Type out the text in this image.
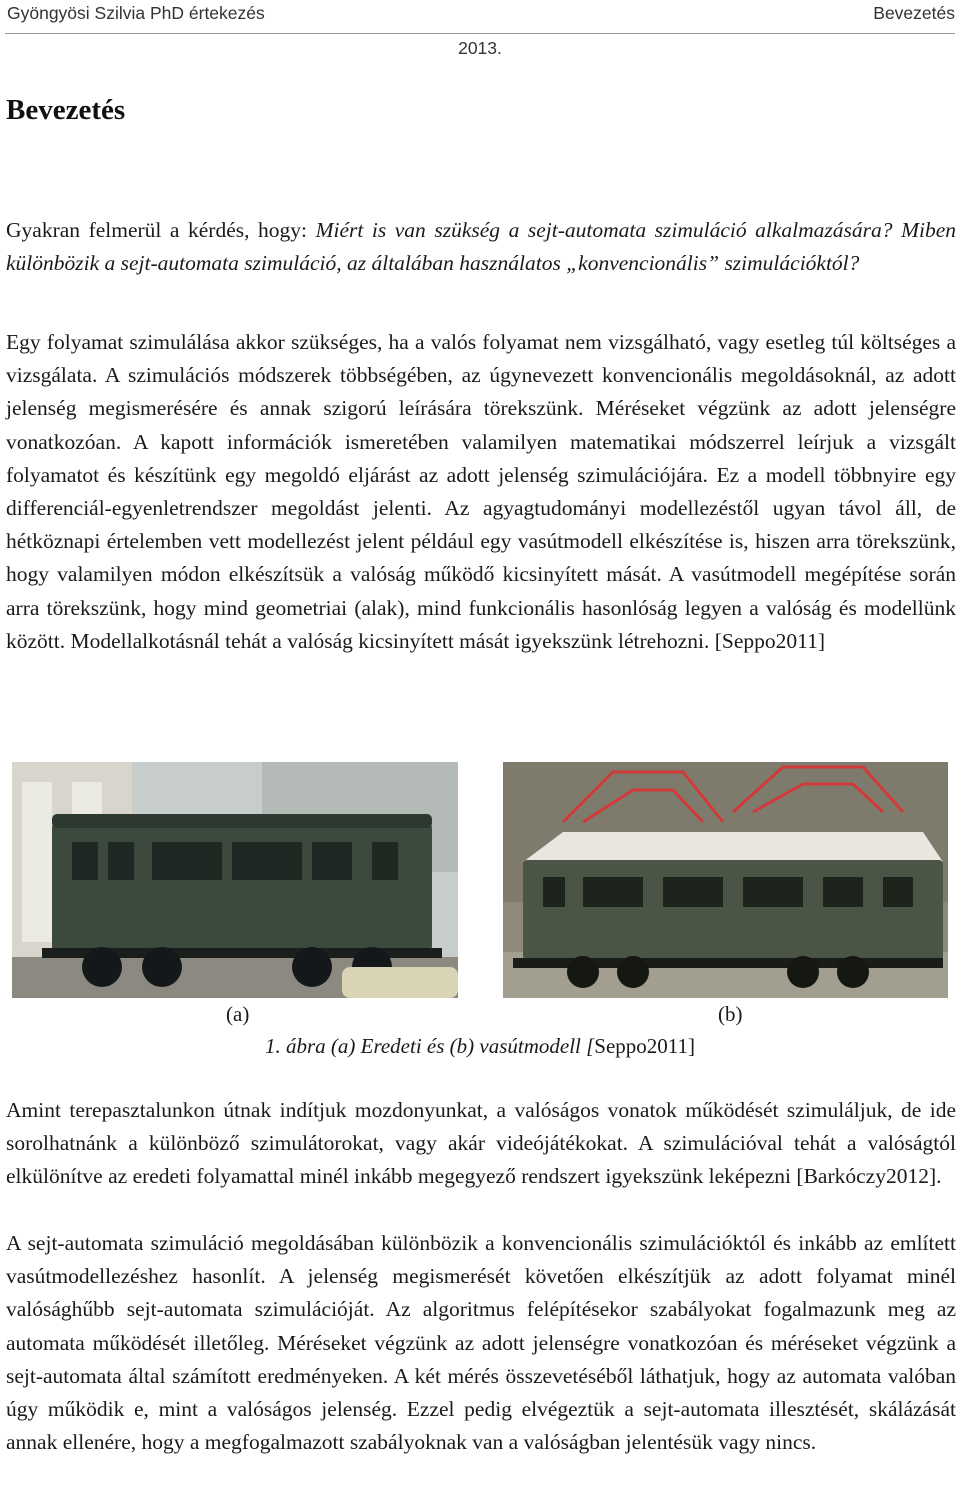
Gyöngyösi Szilvia PhD értekezés	Bevezetés
2013.
Bevezetés

Gyakran felmerül a kérdés, hogy: Miért is van szükség a sejt-automata szimuláció alkalmazására? Miben különbözik a sejt-automata szimuláció, az általában használatos „konvencionális” szimulációktól?

Egy folyamat szimulálása akkor szükséges, ha a valós folyamat nem vizsgálható, vagy esetleg túl költséges a vizsgálata. A szimulációs módszerek többségében, az úgynevezett konvencionális megoldásoknál, az adott jelenség megismerésére és annak szigorú leírására törekszünk. Méréseket végzünk az adott jelenségre vonatkozóan. A kapott információk ismeretében valamilyen matematikai módszerrel leírjuk a vizsgált folyamatot és készítünk egy megoldó eljárást az adott jelenség szimulációjára. Ez a modell többnyire egy differenciál-egyenletrendszer megoldást jelenti. Az agyagtudományi modellezéstől ugyan távol áll, de hétköznapi értelemben vett modellezést jelent például egy vasútmodell elkészítése is, hiszen arra törekszünk, hogy valamilyen módon elkészítsük a valóság működő kicsinyített mását. A vasútmodell megépítése során arra törekszünk, hogy mind geometriai (alak), mind funkcionális hasonlóság legyen a valóság és modellünk között. Modellalkotásnál tehát a valóság kicsinyített mását igyekszünk létrehozni. [Seppo2011]

(a)	(b)
1. ábra (a) Eredeti és (b) vasútmodell [Seppo2011]

Amint terepasztalunkon útnak indítjuk mozdonyunkat, a valóságos vonatok működését szimuláljuk, de ide sorolhatnánk a különböző szimulátorokat, vagy akár videójátékokat. A szimulációval tehát a valóságtól elkülönítve az eredeti folyamattal minél inkább megegyező rendszert igyekszünk leképezni [Barkóczy2012].

A sejt-automata szimuláció megoldásában különbözik a konvencionális szimulációktól és inkább az említett vasútmodellezéshez hasonlít. A jelenség megismerését követően elkészítjük az adott folyamat minél valósághűbb sejt-automata szimulációját. Az algoritmus felépítésekor szabályokat fogalmazunk meg az automata működését illetőleg. Méréseket végzünk az adott jelenségre vonatkozóan és méréseket végzünk a sejt-automata által számított eredményeken. A két mérés összevetéséből láthatjuk, hogy az automata valóban úgy működik e, mint a valóságos jelenség. Ezzel pedig elvégeztük a sejt-automata illesztését, skálázását annak ellenére, hogy a megfogalmazott szabályoknak van a valóságban jelentésük vagy nincs.
